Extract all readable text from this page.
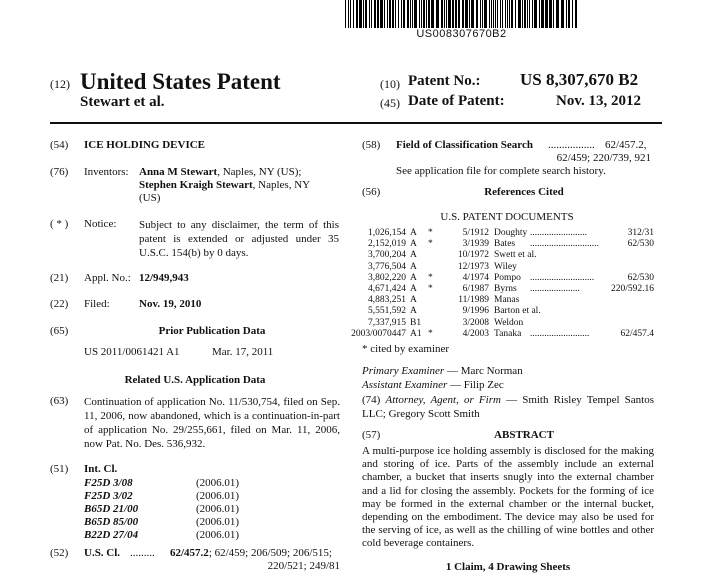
US008307670B2
(12) United States Patent
Stewart et al.
(10) Patent No.: US 8,307,670 B2
(45) Date of Patent:	Nov. 13, 2012
(54) ICE HOLDING DEVICE
(76) Inventors: Anna M Stewart, Naples, NY (US);
Stephen Kraigh Stewart, Naples, NY
(US)
( * ) Notice: Subject to any disclaimer, the term of this patent is extended or adjusted under 35 U.S.C. 154(b) by 0 days.
(21) Appl. No.: 12/949,943
(22) Filed:	Nov. 19, 2010
(65)	Prior Publication Data
US 2011/0061421 A1	Mar. 17, 2011
Related U.S. Application Data
(63) Continuation of application No. 11/530,754, filed on Sep. 11, 2006, now abandoned, which is a continuation-in-part of application No. 29/255,661, filed on Mar. 11, 2006, now Pat. No. Des. 536,932.
(51) Int. Cl.
F25D 3/08	(2006.01)
F25D 3/02	(2006.01)
B65D 21/00	(2006.01)
B65D 85/00	(2006.01)
B22D 27/04	(2006.01)
(52) U.S. Cl. ......... 62/457.2; 62/459; 206/509; 206/515;
220/521; 249/81
(58) Field of Classification Search ................. 62/457.2,
62/459; 220/739, 921
See application file for complete search history.
(56)	References Cited
U.S. PATENT DOCUMENTS
1,026,154 A *	5/1912 Doughty ........................	312/31
2,152,019 A *	3/1939 Bates .............................	62/530
3,700,204 A	10/1972 Swett et al.
3,776,504 A	12/1973 Wiley
3,802,220 A *	4/1974 Pompo ...........................	62/530
4,671,424 A *	6/1987 Byrns .....................	220/592.16
4,883,251 A	11/1989 Manas
5,551,592 A	9/1996 Barton et al.
7,337,915 B1	3/2008 Weldon
2003/0070447 A1 *	4/2003 Tanaka .........................	62/457.4
* cited by examiner
Primary Examiner — Marc Norman
Assistant Examiner — Filip Zec
(74) Attorney, Agent, or Firm — Smith Risley Tempel Santos LLC; Gregory Scott Smith
(57)	ABSTRACT
A multi-purpose ice holding assembly is disclosed for the making and storing of ice. Parts of the assembly include an external chamber, a bucket that inserts snugly into the external chamber and a lid for closing the assembly. Pockets for the forming of ice may be formed in the external chamber or the internal bucket, depending on the embodiment. The device may also be used for the serving of ice, as well as the chilling of wine bottles and other cold beverage containers.
1 Claim, 4 Drawing Sheets
